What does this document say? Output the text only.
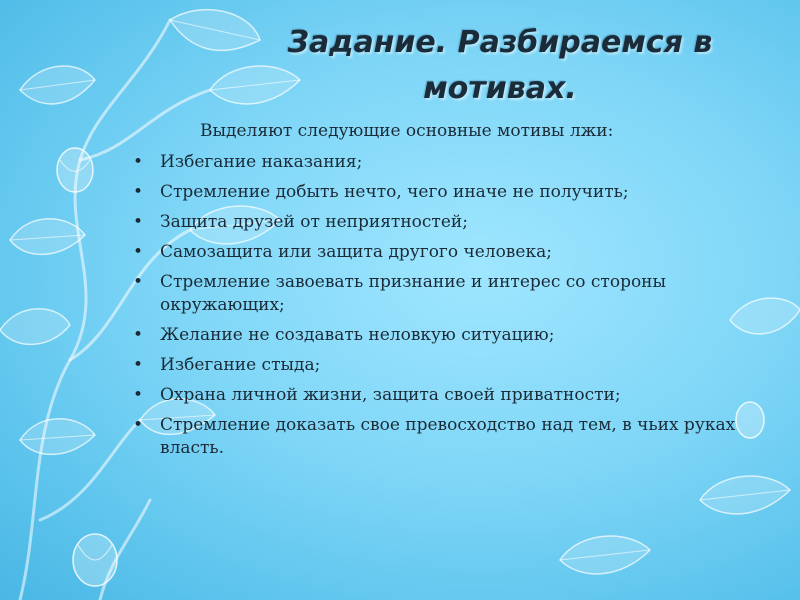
Задание. Разбираемся в
мотивах.
Выделяют следующие основные мотивы лжи:
• Избегание наказания;
• Стремление добыть нечто, чего иначе не получить;
• Защита друзей от неприятностей;
• Самозащита или защита другого человека;
• Стремление завоевать признание и интерес со стороны окружающих;
• Желание не создавать неловкую ситуацию;
• Избегание стыда;
• Охрана личной жизни, защита своей приватности;
• Стремление доказать свое превосходство над тем, в чьих руках власть.
